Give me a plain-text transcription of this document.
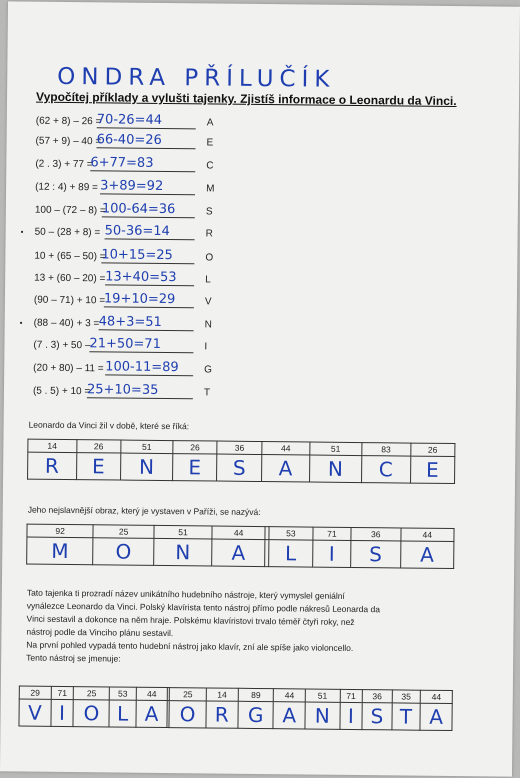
ONDRA PŘÍLUČÍK
Vypočítej příklady a vylušti tajenky. Zjistíš informace o Leonardu da Vinci.
(62 + 8) – 26 =
70-26=44	A
(57 + 9) – 40 =
66-40=26	E
(2 . 3) + 77 =
6+77=83	C
(12 : 4) + 89 = 3+89=92	M
100 – (72 – 8) =
100-64=36	S
• 50 – (28 + 8) = 50-36=14	R
10 + (65 – 50) =
10+15=25	O
13 + (60 – 20) = 13+40=53	L
(90 – 71) + 10 =
19+10=29	V
• (88 – 40) + 3 = 48+3=51	N
(7 . 3) + 50 –
21+50=71	I
(20 + 80) – 11 = 100-11=89	G
(5 . 5) + 10 =
25+10=35	T
Leonardo da Vinci žil v době, které se říká:
14	26	51	26	36	44	51	83	26
R	E	N	E	S	A	N	C	E
Jeho nejslavnější obraz, který je vystaven v Paříži, se nazývá:
92	25	51	44		53	71	36	44
M	O	N	A		L	I	S	A
Tato tajenka ti prozradí název unikátního hudebního nástroje, který vymyslel geniální
vynálezce Leonardo da Vinci. Polský klavírista tento nástroj přímo podle nákresů Leonarda da
Vinci sestavil a dokonce na něm hraje. Polskému klavíristovi trvalo téměř čtyři roky, než
nástroj podle da Vinciho plánu sestavil.
Na první pohled vypadá tento hudební nástroj jako klavír, zní ale spíše jako violoncello.
Tento nástroj se jmenuje:
29	71	25	53	44		25	14	89	44	51	71	36	35	44
V	I	O	L	A		O	R	G	A	N	I	S	T	A
